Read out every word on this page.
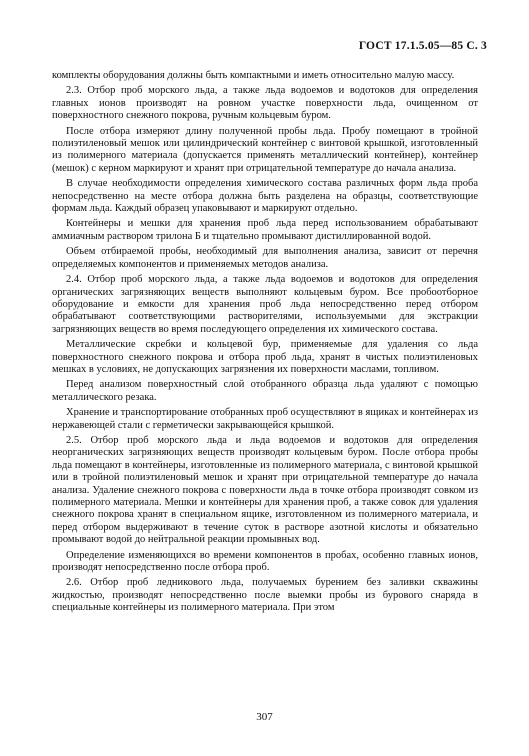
ГОСТ 17.1.5.05—85 С. 3

комплекты оборудования должны быть компактными и иметь относительно малую массу.

2.3. Отбор проб морского льда, а также льда водоемов и водотоков для определения главных ионов производят на ровном участке поверхности льда, очищенном от поверхностного снежного покрова, ручным кольцевым буром.

После отбора измеряют длину полученной пробы льда. Пробу помещают в тройной полиэтиленовый мешок или цилиндрический контейнер с винтовой крышкой, изготовленный из полимерного материала (допускается применять металлический контейнер), контейнер (мешок) с керном маркируют и хранят при отрицательной температуре до начала анализа.

В случае необходимости определения химического состава различных форм льда проба непосредственно на месте отбора должна быть разделена на образцы, соответствующие формам льда. Каждый образец упаковывают и маркируют отдельно.

Контейнеры и мешки для хранения проб льда перед использованием обрабатывают аммиачным раствором трилона Б и тщательно промывают дистиллированной водой.

Объем отбираемой пробы, необходимый для выполнения анализа, зависит от перечня определяемых компонентов и применяемых методов анализа.

2.4. Отбор проб морского льда, а также льда водоемов и водотоков для определения органических загрязняющих веществ выполняют кольцевым буром. Все пробоотборное оборудование и емкости для хранения проб льда непосредственно перед отбором обрабатывают соответствующими растворителями, используемыми для экстракции загрязняющих веществ во время последующего определения их химического состава.

Металлические скребки и кольцевой бур, применяемые для удаления со льда поверхностного снежного покрова и отбора проб льда, хранят в чистых полиэтиленовых мешках в условиях, не допускающих загрязнения их поверхности маслами, топливом.

Перед анализом поверхностный слой отобранного образца льда удаляют с помощью металлического резака.

Хранение и транспортирование отобранных проб осуществляют в ящиках и контейнерах из нержавеющей стали с герметически закрывающейся крышкой.

2.5. Отбор проб морского льда и льда водоемов и водотоков для определения неорганических загрязняющих веществ производят кольцевым буром. После отбора пробы льда помещают в контейнеры, изготовленные из полимерного материала, с винтовой крышкой или в тройной полиэтиленовый мешок и хранят при отрицательной температуре до начала анализа. Удаление снежного покрова с поверхности льда в точке отбора производят совком из полимерного материала. Мешки и контейнеры для хранения проб, а также совок для удаления снежного покрова хранят в специальном ящике, изготовленном из полимерного материала, и перед отбором выдерживают в течение суток в растворе азотной кислоты и обязательно промывают водой до нейтральной реакции промывных вод.

Определение изменяющихся во времени компонентов в пробах, особенно главных ионов, производят непосредственно после отбора проб.

2.6. Отбор проб ледникового льда, получаемых бурением без заливки скважины жидкостью, производят непосредственно после выемки пробы из бурового снаряда в специальные контейнеры из полимерного материала. При этом

307
